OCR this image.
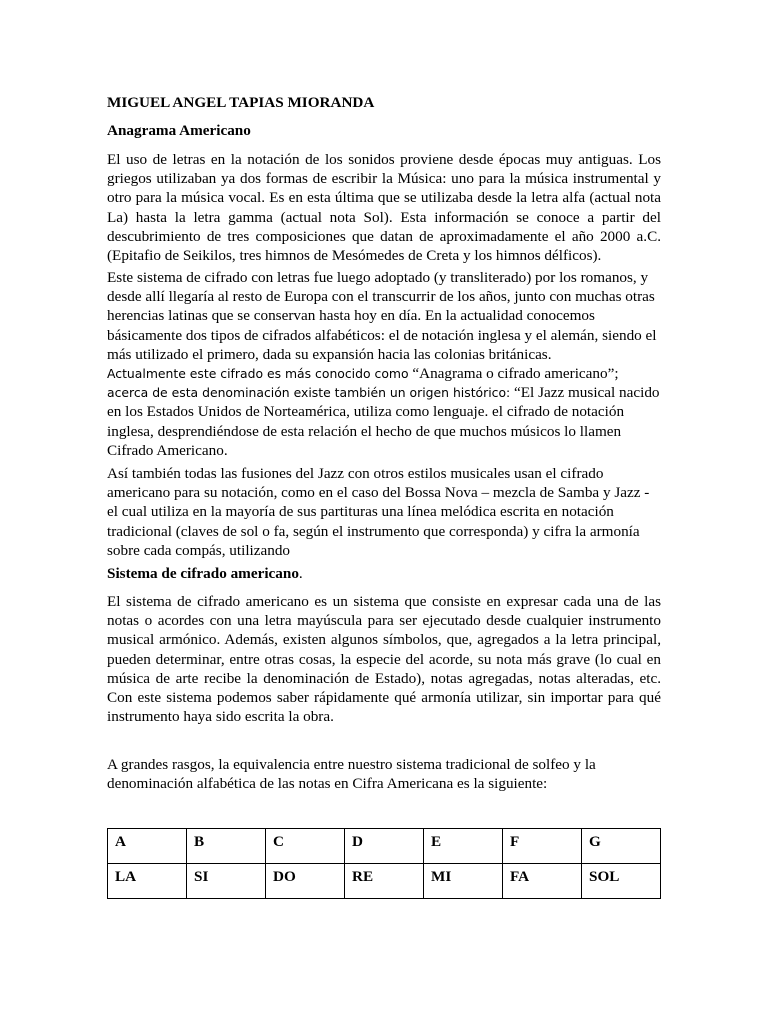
MIGUEL ANGEL TAPIAS MIORANDA

Anagrama Americano

El uso de letras en la notación de los sonidos proviene desde épocas muy antiguas. Los griegos utilizaban ya dos formas de escribir la Música: uno para la música instrumental y otro para la música vocal. Es en esta última que se utilizaba desde la letra alfa (actual nota La) hasta la letra gamma (actual nota Sol). Esta información se conoce a partir del descubrimiento de tres composiciones que datan de aproximadamente el año 2000 a.C. (Epitafio de Seikilos, tres himnos de Mesómedes de Creta y los himnos délficos).

Este sistema de cifrado con letras fue luego adoptado (y transliterado) por los romanos, y desde allí llegaría al resto de Europa con el transcurrir de los años, junto con muchas otras herencias latinas que se conservan hasta hoy en día. En la actualidad conocemos básicamente dos tipos de cifrados alfabéticos: el de notación inglesa y el alemán, siendo el más utilizado el primero, dada su expansión hacia las colonias británicas.

Actualmente este cifrado es más conocido como “Anagrama o cifrado americano”; acerca de esta denominación existe también un origen histórico: “El Jazz musical nacido en los Estados Unidos de Norteamérica, utiliza como lenguaje. el cifrado de notación inglesa, desprendiéndose de esta relación el hecho de que muchos músicos lo llamen Cifrado Americano.

Así también todas las fusiones del Jazz con otros estilos musicales usan el cifrado americano para su notación, como en el caso del Bossa Nova – mezcla de Samba y Jazz - el cual utiliza en la mayoría de sus partituras una línea melódica escrita en notación tradicional (claves de sol o fa, según el instrumento que corresponda) y cifra la armonía sobre cada compás, utilizando

Sistema de cifrado americano.

El sistema de cifrado americano es un sistema que consiste en expresar cada una de las notas o acordes con una letra mayúscula para ser ejecutado desde cualquier instrumento musical armónico. Además, existen algunos símbolos, que, agregados a la letra principal, pueden determinar, entre otras cosas, la especie del acorde, su nota más grave (lo cual en música de arte recibe la denominación de Estado), notas agregadas, notas alteradas, etc. Con este sistema podemos saber rápidamente qué armonía utilizar, sin importar para qué instrumento haya sido escrita la obra.

A grandes rasgos, la equivalencia entre nuestro sistema tradicional de solfeo y la denominación alfabética de las notas en Cifra Americana es la siguiente:

A	B	C	D	E	F	G
LA	SI	DO	RE	MI	FA	SOL
